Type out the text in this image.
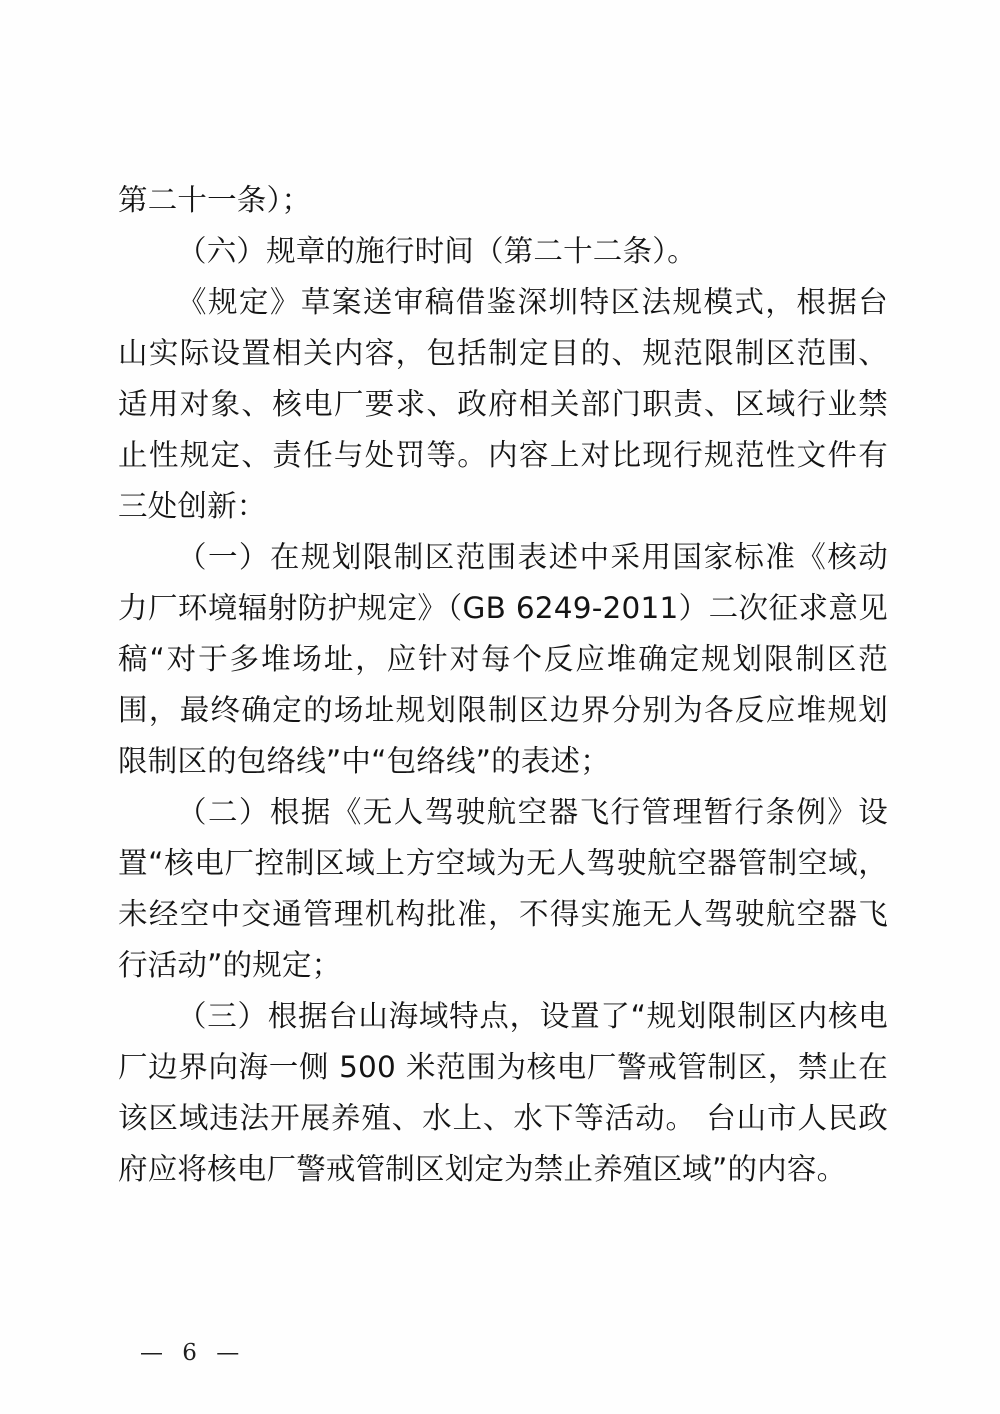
第二十一条）；

（六）规章的施行时间（第二十二条）。

《规定》草案送审稿借鉴深圳特区法规模式，根据台山实际设置相关内容，包括制定目的、规范限制区范围、适用对象、核电厂要求、政府相关部门职责、区域行业禁止性规定、责任与处罚等。内容上对比现行规范性文件有三处创新：

（一）在规划限制区范围表述中采用国家标准《核动力厂环境辐射防护规定》（GB 6249-2011）二次征求意见稿“对于多堆场址，应针对每个反应堆确定规划限制区范围，最终确定的场址规划限制区边界分别为各反应堆规划限制区的包络线”中“包络线”的表述；

（二）根据《无人驾驶航空器飞行管理暂行条例》设置“核电厂控制区域上方空域为无人驾驶航空器管制空域，未经空中交通管理机构批准，不得实施无人驾驶航空器飞行活动”的规定；

（三）根据台山海域特点，设置了“规划限制区内核电厂边界向海一侧 500 米范围为核电厂警戒管制区，禁止在该区域违法开展养殖、水上、水下等活动。 台山市人民政府应将核电厂警戒管制区划定为禁止养殖区域”的内容。

— 6 —
